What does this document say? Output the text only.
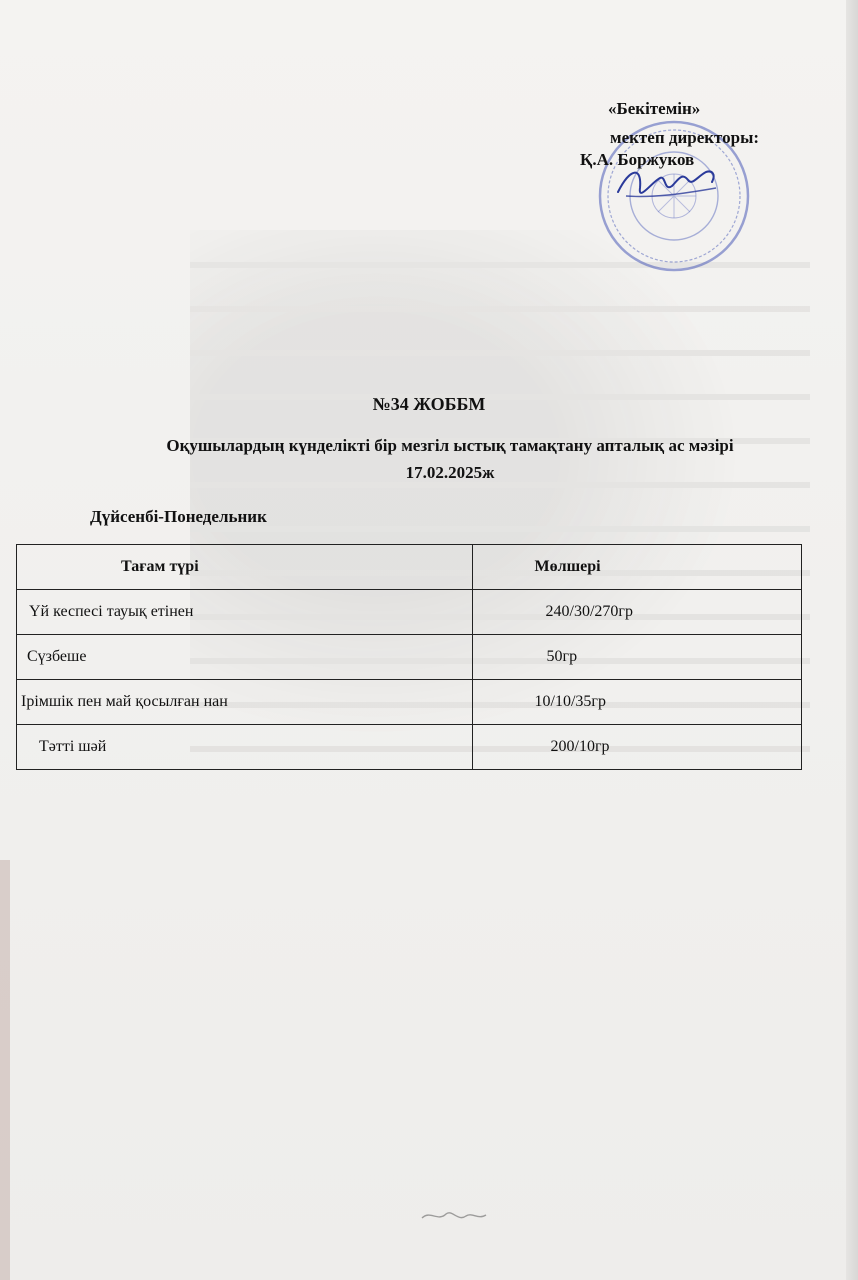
«Бекітемін»
мектеп директоры:
Қ.А. Боржуков
№34 ЖОББМ
Оқушылардың күнделікті бір мезгіл ыстық тамақтану апталық ас мәзірі
17.02.2025ж
Дүйсенбі-Понедельник
Тағам түрі	Мөлшері
Үй кеспесі тауық етінен	240/30/270гр
Сүзбеше	50гр
Ірімшік пен май қосылған нан	10/10/35гр
Тәтті шәй	200/10гр
